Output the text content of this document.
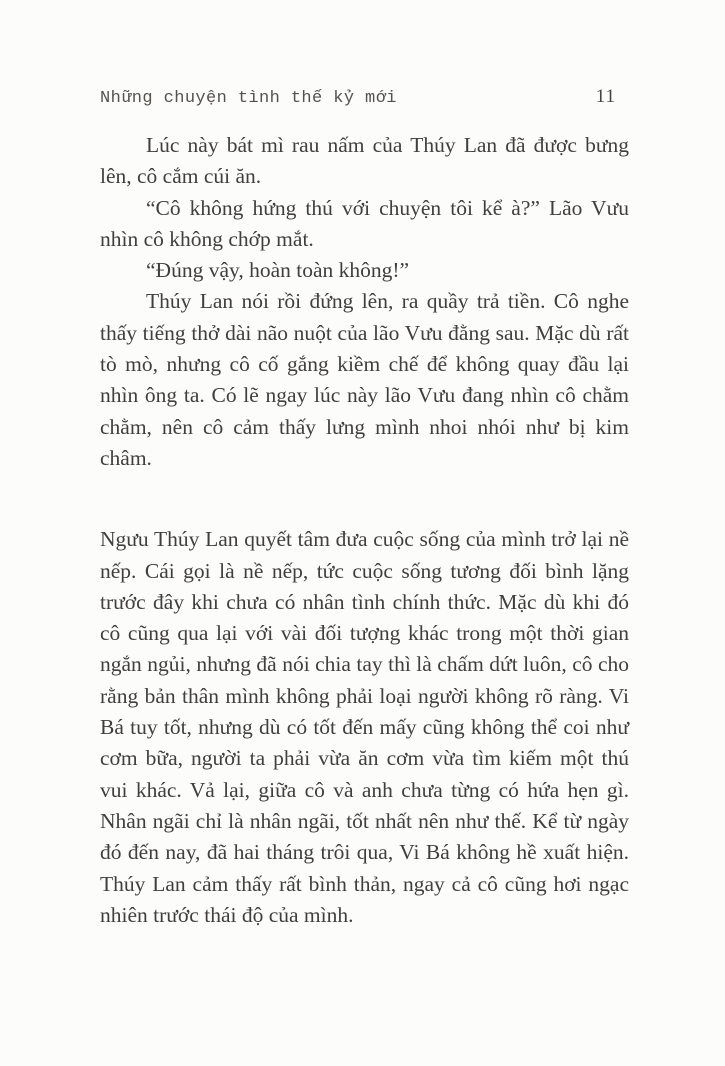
Những chuyện tình thế kỷ mới	11

Lúc này bát mì rau nấm của Thúy Lan đã được bưng lên, cô cắm cúi ăn.

“Cô không hứng thú với chuyện tôi kể à?” Lão Vưu nhìn cô không chớp mắt.

“Đúng vậy, hoàn toàn không!”

Thúy Lan nói rồi đứng lên, ra quầy trả tiền. Cô nghe thấy tiếng thở dài não nuột của lão Vưu đằng sau. Mặc dù rất tò mò, nhưng cô cố gắng kiềm chế để không quay đầu lại nhìn ông ta. Có lẽ ngay lúc này lão Vưu đang nhìn cô chằm chằm, nên cô cảm thấy lưng mình nhoi nhói như bị kim châm.

Ngưu Thúy Lan quyết tâm đưa cuộc sống của mình trở lại nề nếp. Cái gọi là nề nếp, tức cuộc sống tương đối bình lặng trước đây khi chưa có nhân tình chính thức. Mặc dù khi đó cô cũng qua lại với vài đối tượng khác trong một thời gian ngắn ngủi, nhưng đã nói chia tay thì là chấm dứt luôn, cô cho rằng bản thân mình không phải loại người không rõ ràng. Vi Bá tuy tốt, nhưng dù có tốt đến mấy cũng không thể coi như cơm bữa, người ta phải vừa ăn cơm vừa tìm kiếm một thú vui khác. Vả lại, giữa cô và anh chưa từng có hứa hẹn gì. Nhân ngãi chỉ là nhân ngãi, tốt nhất nên như thế. Kể từ ngày đó đến nay, đã hai tháng trôi qua, Vi Bá không hề xuất hiện. Thúy Lan cảm thấy rất bình thản, ngay cả cô cũng hơi ngạc nhiên trước thái độ của mình.
